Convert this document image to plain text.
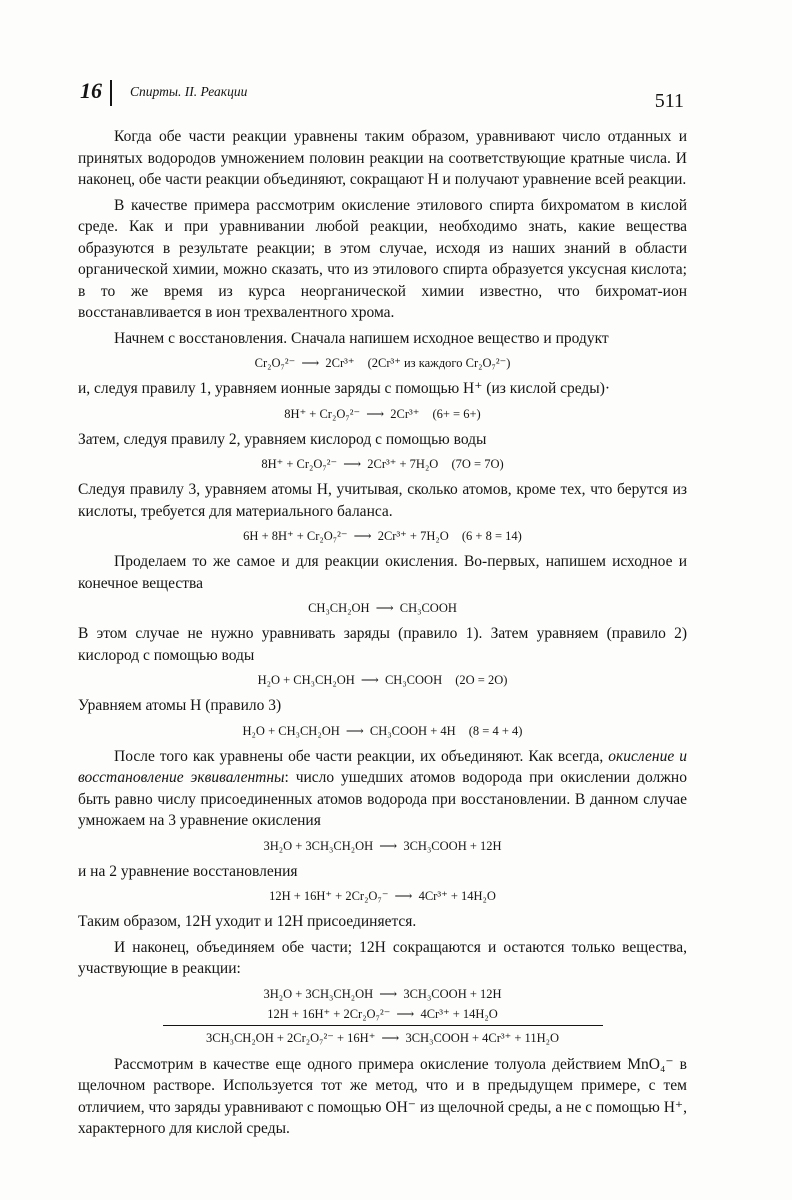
16 Спирты. II. Реакции	511

Когда обе части реакции уравнены таким образом, уравнивают число отданных и принятых водородов умножением половин реакции на соответствующие кратные числа. И наконец, обе части реакции объединяют, сокращают Н и получают уравнение всей реакции.

В качестве примера рассмотрим окисление этилового спирта бихроматом в кислой среде. Как и при уравнивании любой реакции, необходимо знать, какие вещества образуются в результате реакции; в этом случае, исходя из наших знаний в области органической химии, можно сказать, что из этилового спирта образуется уксусная кислота; в то же время из курса неорганической химии известно, что бихромат-ион восстанавливается в ион трехвалентного хрома.

Начнем с восстановления. Сначала напишем исходное вещество и продукт

Cr₂O₇²⁻ ⟶ 2Cr³⁺ (2Cr³⁺ из каждого Cr₂O₇²⁻)

и, следуя правилу 1, уравняем ионные заряды с помощью H⁺ (из кислой среды)·

8H⁺ + Cr₂O₇²⁻ ⟶ 2Cr³⁺ (6+ = 6+)

Затем, следуя правилу 2, уравняем кислород с помощью воды

8H⁺ + Cr₂O₇²⁻ ⟶ 2Cr³⁺ + 7H₂O (7O = 7O)

Следуя правилу 3, уравняем атомы Н, учитывая, сколько атомов, кроме тех, что берутся из кислоты, требуется для материального баланса.

6H + 8H⁺ + Cr₂O₇²⁻ ⟶ 2Cr³⁺ + 7H₂O (6 + 8 = 14)

Проделаем то же самое и для реакции окисления. Во-первых, напишем исходное и конечное вещества

CH₃CH₂OH ⟶ CH₃COOH

В этом случае не нужно уравнивать заряды (правило 1). Затем уравняем (правило 2) кислород с помощью воды

H₂O + CH₃CH₂OH ⟶ CH₃COOH (2O = 2O)

Уравняем атомы Н (правило 3)

H₂O + CH₃CH₂OH ⟶ CH₃COOH + 4H (8 = 4 + 4)

После того как уравнены обе части реакции, их объединяют. Как всегда, окисление и восстановление эквивалентны: число ушедших атомов водорода при окислении должно быть равно числу присоединенных атомов водорода при восстановлении. В данном случае умножаем на 3 уравнение окисления

3H₂O + 3CH₃CH₂OH ⟶ 3CH₃COOH + 12H

и на 2 уравнение восстановления

12H + 16H⁺ + 2Cr₂O₇⁻ ⟶ 4Cr³⁺ + 14H₂O

Таким образом, 12Н уходит и 12Н присоединяется.

И наконец, объединяем обе части; 12Н сокращаются и остаются только вещества, участвующие в реакции:

3H₂O + 3CH₃CH₂OH ⟶ 3CH₃COOH + 12H
12H + 16H⁺ + 2Cr₂O₇²⁻ ⟶ 4Cr³⁺ + 14H₂O
3CH₃CH₂OH + 2Cr₂O₇²⁻ + 16H⁺ ⟶ 3CH₃COOH + 4Cr³⁺ + 11H₂O

Рассмотрим в качестве еще одного примера окисление толуола действием MnO₄⁻ в щелочном растворе. Используется тот же метод, что и в предыдущем примере, с тем отличием, что заряды уравнивают с помощью OH⁻ из щелочной среды, а не с помощью H⁺, характерного для кислой среды.
